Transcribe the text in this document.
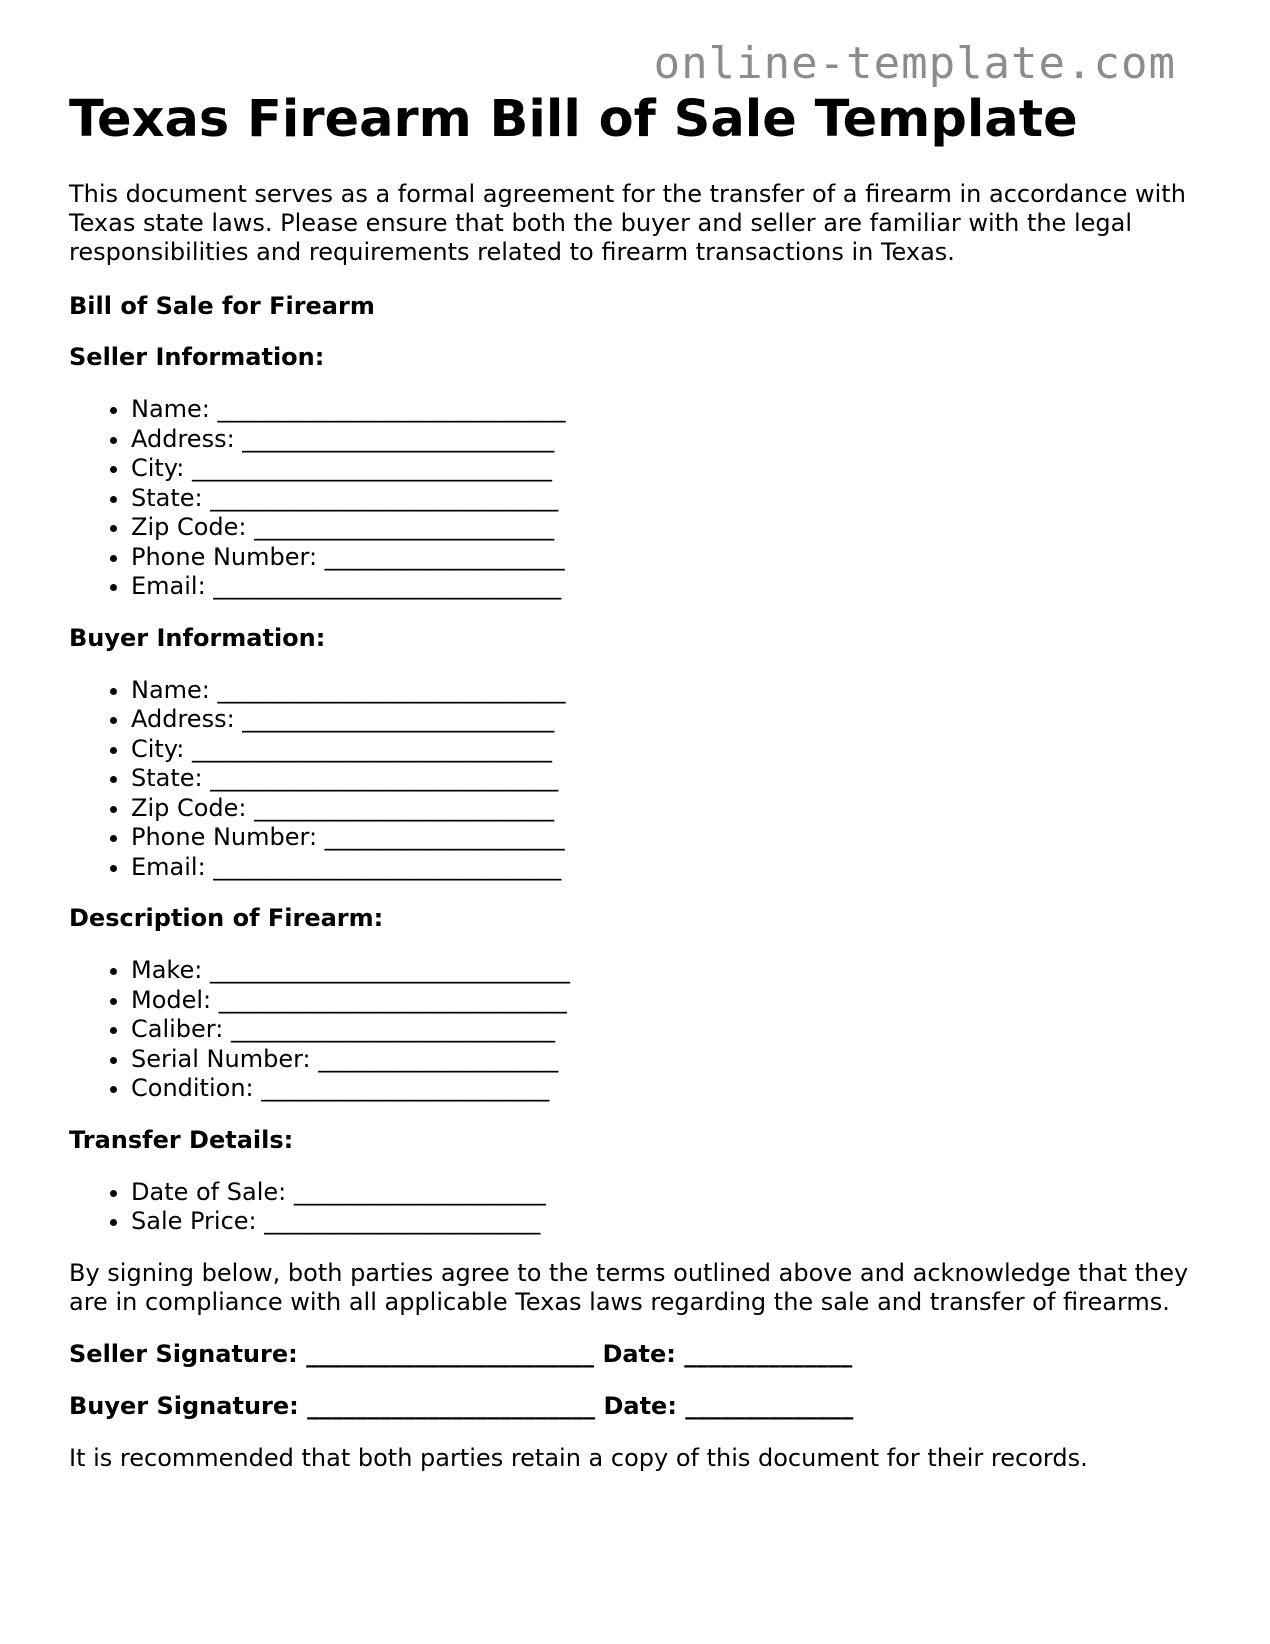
online-template.com
Texas Firearm Bill of Sale Template

This document serves as a formal agreement for the transfer of a firearm in accordance with Texas state laws. Please ensure that both the buyer and seller are familiar with the legal responsibilities and requirements related to firearm transactions in Texas.

Bill of Sale for Firearm

Seller Information:

• Name: _____________________________
• Address: __________________________
• City: ______________________________
• State: _____________________________
• Zip Code: _________________________
• Phone Number: ____________________
• Email: _____________________________

Buyer Information:

• Name: _____________________________
• Address: __________________________
• City: ______________________________
• State: _____________________________
• Zip Code: _________________________
• Phone Number: ____________________
• Email: _____________________________

Description of Firearm:

• Make: ______________________________
• Model: _____________________________
• Caliber: ___________________________
• Serial Number: ____________________
• Condition: ________________________

Transfer Details:

• Date of Sale: _____________________
• Sale Price: _______________________

By signing below, both parties agree to the terms outlined above and acknowledge that they are in compliance with all applicable Texas laws regarding the sale and transfer of firearms.

Seller Signature: ________________________ Date: ______________

Buyer Signature: ________________________ Date: ______________

It is recommended that both parties retain a copy of this document for their records.
